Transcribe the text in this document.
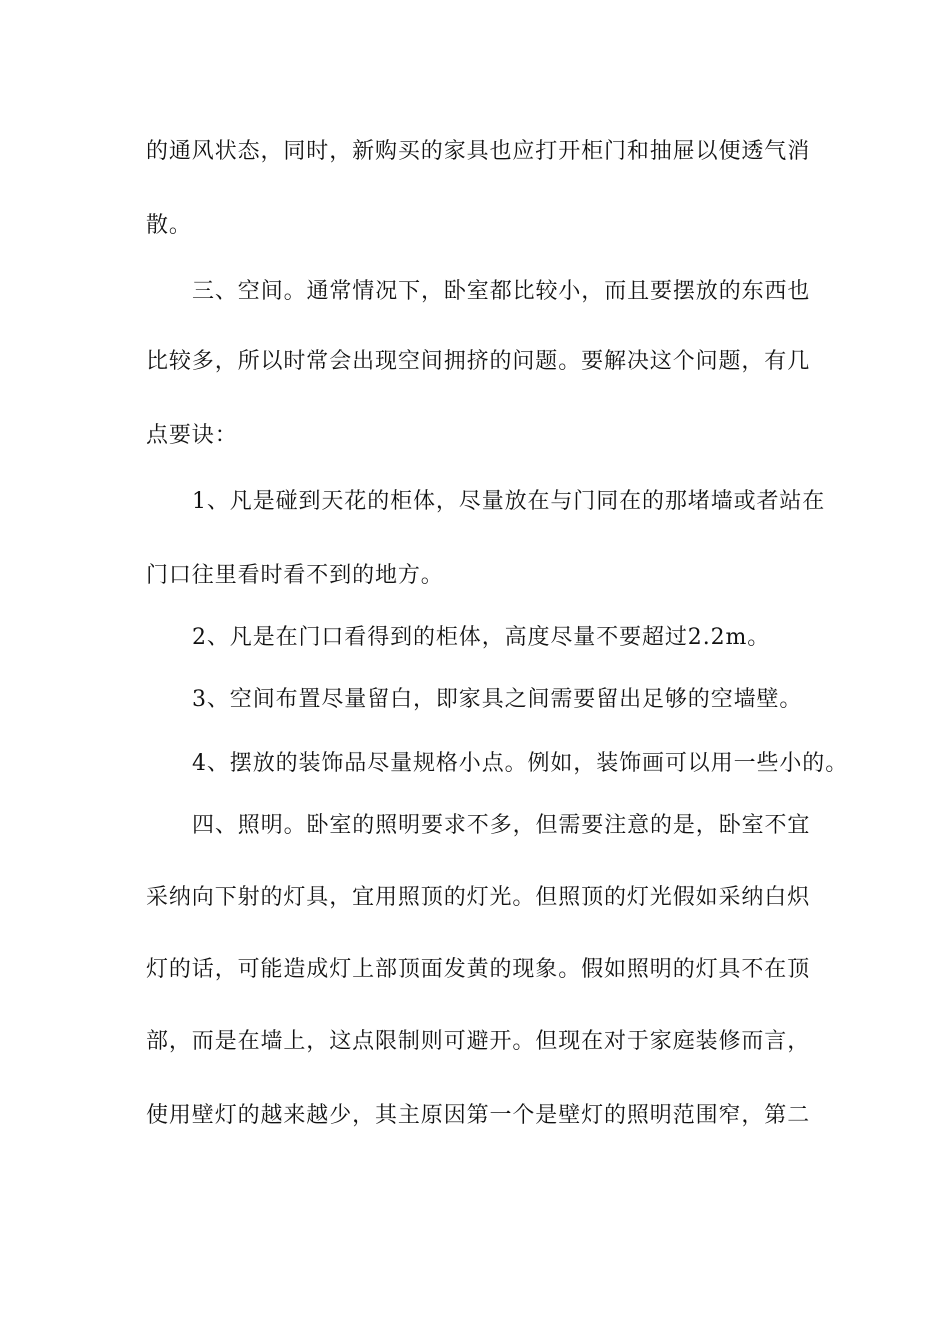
的通风状态，同时，新购买的家具也应打开柜门和抽屉以便透气消
散。
三、空间。通常情况下，卧室都比较小，而且要摆放的东西也
比较多，所以时常会出现空间拥挤的问题。要解决这个问题，有几
点要诀：
1、凡是碰到天花的柜体，尽量放在与门同在的那堵墙或者站在
门口往里看时看不到的地方。
2、凡是在门口看得到的柜体，高度尽量不要超过2.2m。
3、空间布置尽量留白，即家具之间需要留出足够的空墙壁。
4、摆放的装饰品尽量规格小点。例如，装饰画可以用一些小的。
四、照明。卧室的照明要求不多，但需要注意的是，卧室不宜
采纳向下射的灯具，宜用照顶的灯光。但照顶的灯光假如采纳白炽
灯的话，可能造成灯上部顶面发黄的现象。假如照明的灯具不在顶
部，而是在墙上，这点限制则可避开。但现在对于家庭装修而言，
使用壁灯的越来越少，其主原因第一个是壁灯的照明范围窄，第二
